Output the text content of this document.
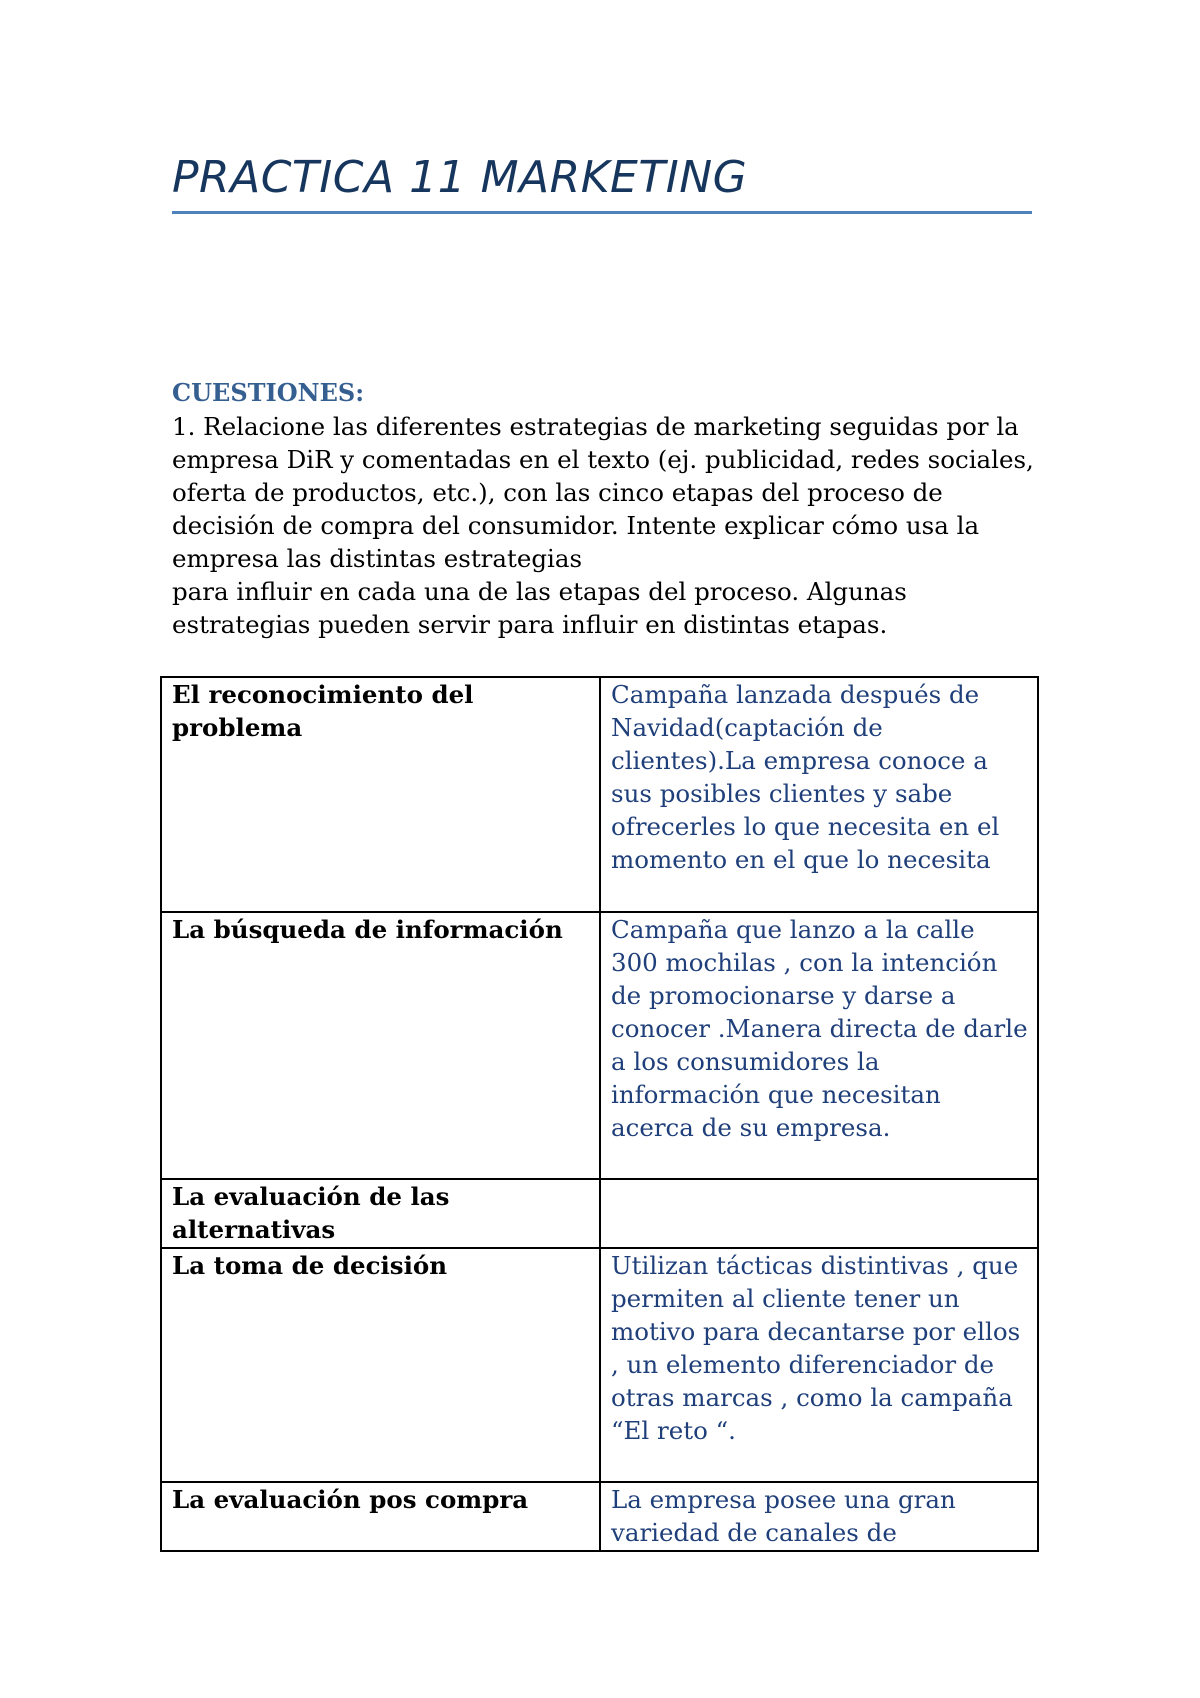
PRACTICA 11 MARKETING
CUESTIONES:

1. Relacione las diferentes estrategias de marketing seguidas por la empresa DiR y comentadas en el texto (ej. publicidad, redes sociales, oferta de productos, etc.), con las cinco etapas del proceso de decisión de compra del consumidor. Intente explicar cómo usa la empresa las distintas estrategias

para influir en cada una de las etapas del proceso. Algunas estrategias pueden servir para influir en distintas etapas.

El reconocimiento del problema	Campaña lanzada después de Navidad(captación de clientes).La empresa conoce a sus posibles clientes y sabe ofrecerles lo que necesita en el momento en el que lo necesita
La búsqueda de información	Campaña que lanzo a la calle 300 mochilas , con la intención de promocionarse y darse a conocer .Manera directa de darle a los consumidores la información que necesitan acerca de su empresa.
La evaluación de las alternativas	
La toma de decisión	Utilizan tácticas distintivas , que permiten al cliente tener un motivo para decantarse por ellos , un elemento diferenciador de otras marcas , como la campaña “El reto “.
La evaluación pos compra	La empresa posee una gran variedad de canales de
